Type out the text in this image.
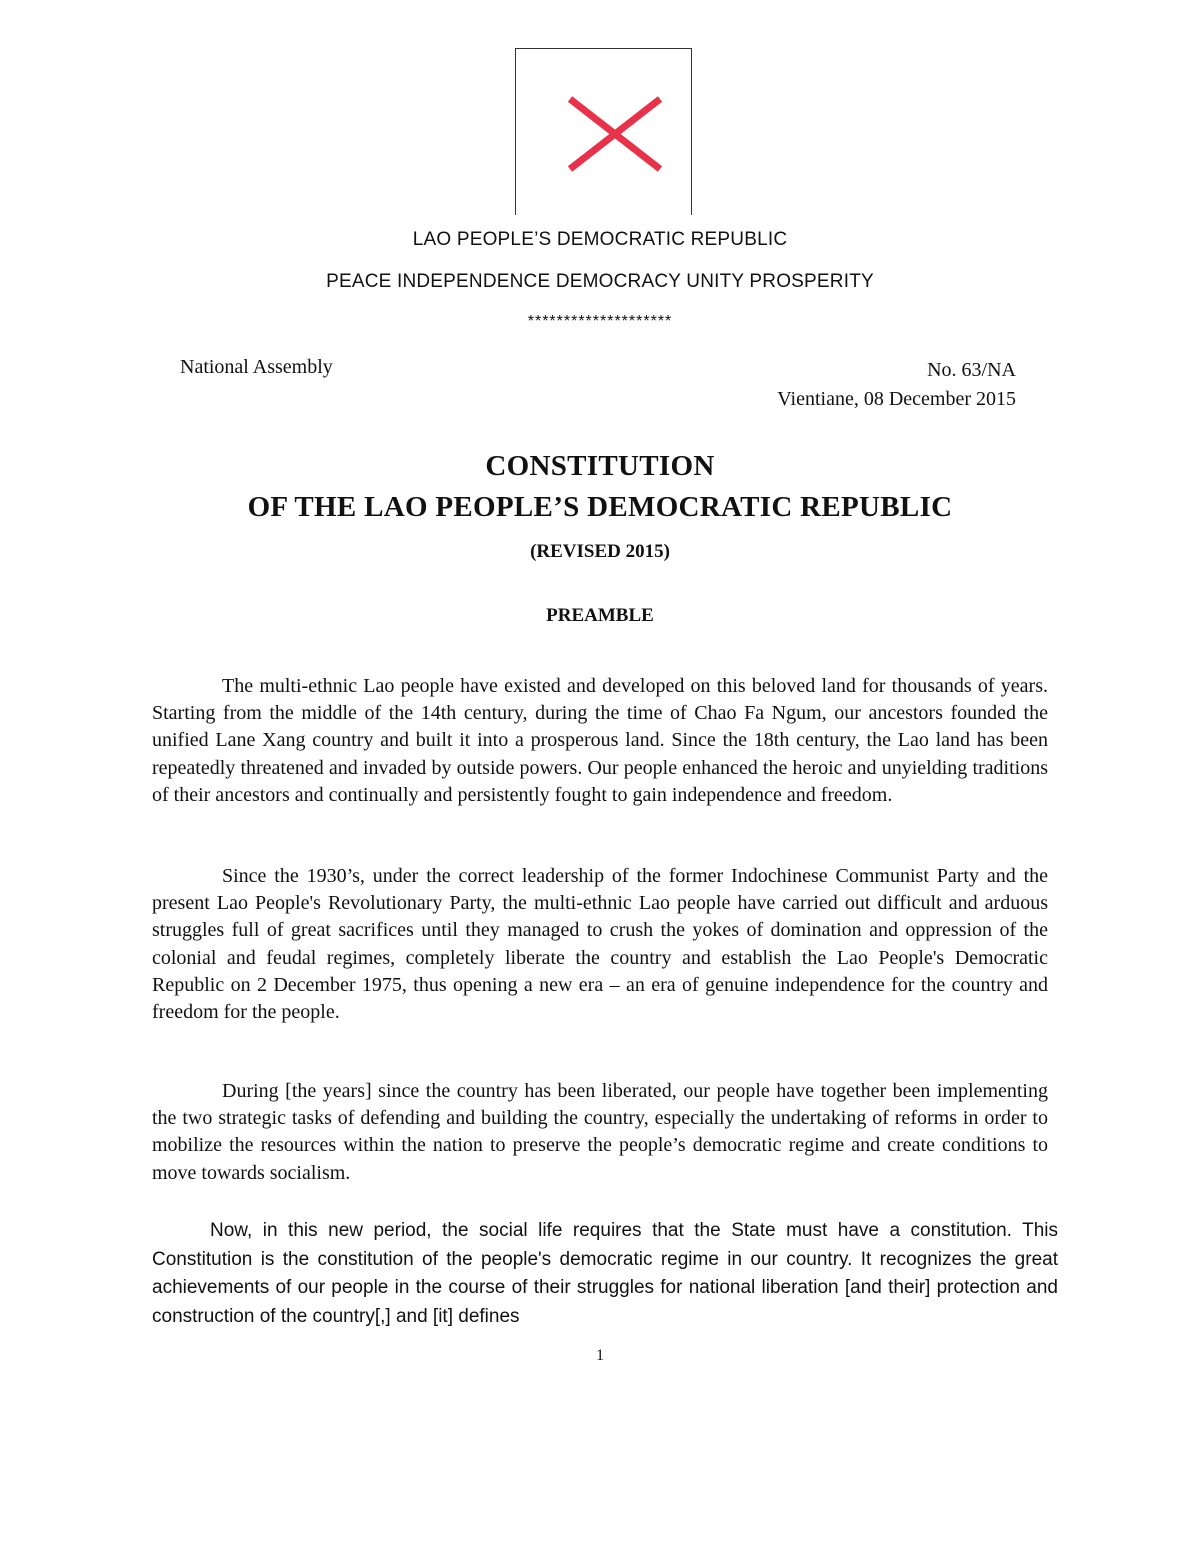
LAO PEOPLE’S DEMOCRATIC REPUBLIC
PEACE INDEPENDENCE DEMOCRACY UNITY PROSPERITY
********************
National Assembly	No. 63/NA
Vientiane, 08 December 2015
CONSTITUTION
OF THE LAO PEOPLE’S DEMOCRATIC REPUBLIC
(REVISED 2015)
PREAMBLE

The multi-ethnic Lao people have existed and developed on this beloved land for thousands of years. Starting from the middle of the 14th century, during the time of Chao Fa Ngum, our ancestors founded the unified Lane Xang country and built it into a prosperous land. Since the 18th century, the Lao land has been repeatedly threatened and invaded by outside powers. Our people enhanced the heroic and unyielding traditions of their ancestors and continually and persistently fought to gain independence and freedom.

Since the 1930’s, under the correct leadership of the former Indochinese Communist Party and the present Lao People's Revolutionary Party, the multi-ethnic Lao people have carried out difficult and arduous struggles full of great sacrifices until they managed to crush the yokes of domination and oppression of the colonial and feudal regimes, completely liberate the country and establish the Lao People's Democratic Republic on 2 December 1975, thus opening a new era – an era of genuine independence for the country and freedom for the people.

During [the years] since the country has been liberated, our people have together been implementing the two strategic tasks of defending and building the country, especially the undertaking of reforms in order to mobilize the resources within the nation to preserve the people’s democratic regime and create conditions to move towards socialism.

Now, in this new period, the social life requires that the State must have a constitution. This Constitution is the constitution of the people's democratic regime in our country. It recognizes the great achievements of our people in the course of their struggles for national liberation [and their] protection and construction of the country[,] and [it] defines

1
